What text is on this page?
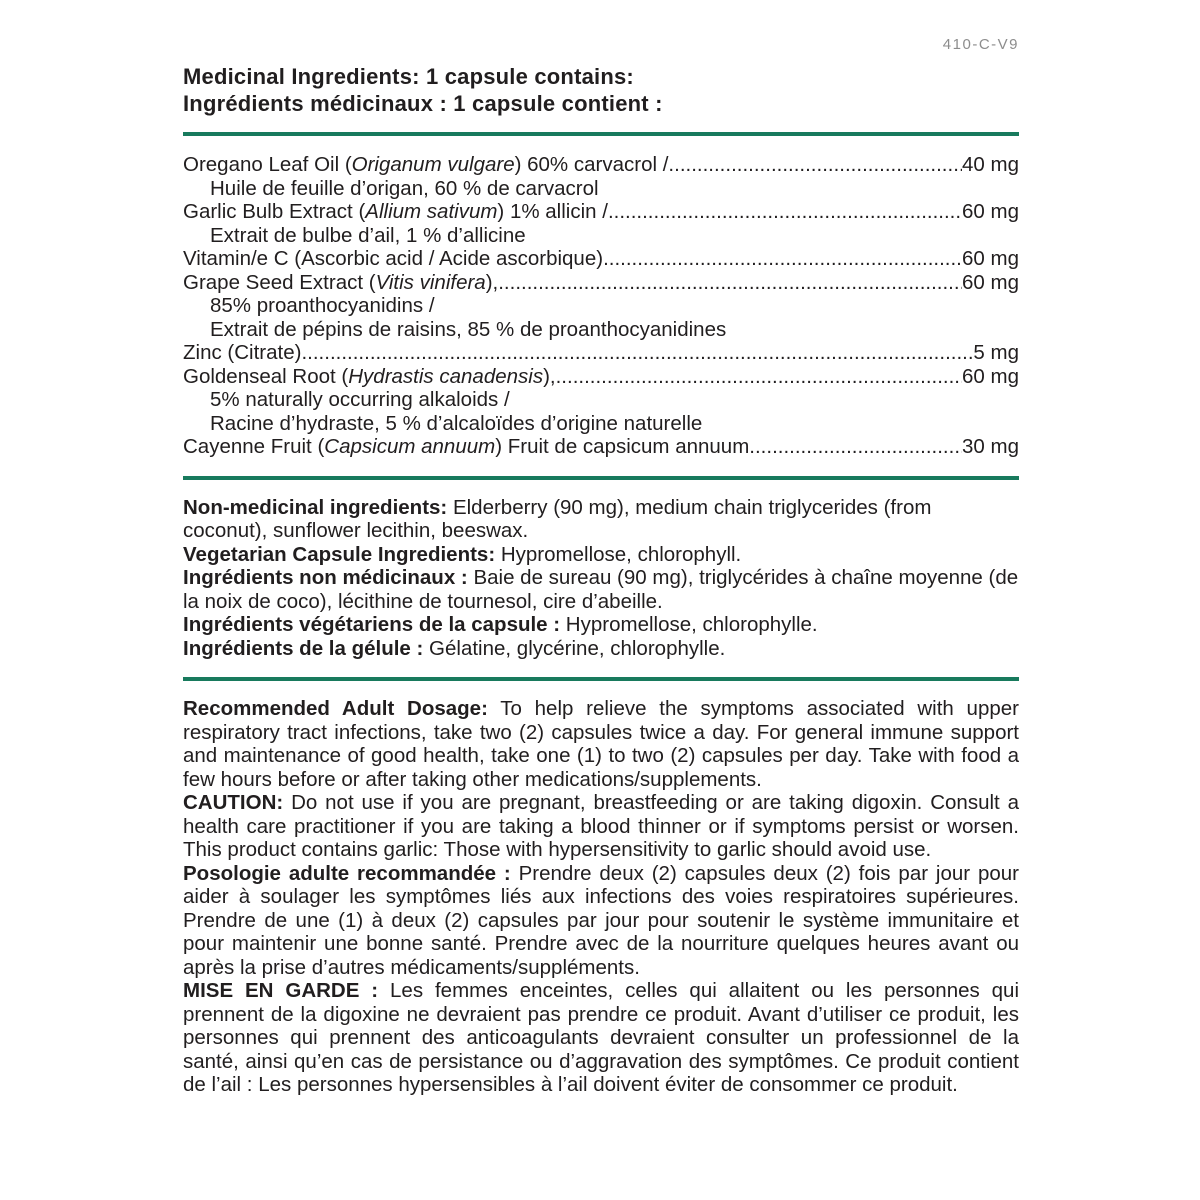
410-C-V9
Medicinal Ingredients: 1 capsule contains:
Ingrédients médicinaux : 1 capsule contient :
Oregano Leaf Oil (Origanum vulgare) 60% carvacrol / .....	40 mg
Huile de feuille d’origan, 60 % de carvacrol
Garlic Bulb Extract (Allium sativum) 1% allicin / .....	60 mg
Extrait de bulbe d’ail, 1 % d’allicine
Vitamin/e C (Ascorbic acid / Acide ascorbique) .....	60 mg
Grape Seed Extract (Vitis vinifera), .....	60 mg
85% proanthocyanidins /
Extrait de pépins de raisins, 85 % de proanthocyanidines
Zinc (Citrate) .....	5 mg
Goldenseal Root (Hydrastis canadensis), .....	60 mg
5% naturally occurring alkaloids /
Racine d’hydraste, 5 % d’alcaloïdes d’origine naturelle
Cayenne Fruit (Capsicum annuum) Fruit de capsicum annuum .....	30 mg

Non-medicinal ingredients: Elderberry (90 mg), medium chain triglycerides (from coconut), sunflower lecithin, beeswax.

Vegetarian Capsule Ingredients: Hypromellose, chlorophyll.

Ingrédients non médicinaux : Baie de sureau (90 mg), triglycérides à chaîne moyenne (de la noix de coco), lécithine de tournesol, cire d’abeille.

Ingrédients végétariens de la capsule : Hypromellose, chlorophylle.

Ingrédients de la gélule : Gélatine, glycérine, chlorophylle.

Recommended Adult Dosage: To help relieve the symptoms associated with upper respiratory tract infections, take two (2) capsules twice a day. For general immune support and maintenance of good health, take one (1) to two (2) capsules per day. Take with food a few hours before or after taking other medications/supplements.

CAUTION: Do not use if you are pregnant, breastfeeding or are taking digoxin. Consult a health care practitioner if you are taking a blood thinner or if symptoms persist or worsen. This product contains garlic: Those with hypersensitivity to garlic should avoid use.

Posologie adulte recommandée : Prendre deux (2) capsules deux (2) fois par jour pour aider à soulager les symptômes liés aux infections des voies respiratoires supérieures. Prendre de une (1) à deux (2) capsules par jour pour soutenir le système immunitaire et pour maintenir une bonne santé. Prendre avec de la nourriture quelques heures avant ou après la prise d’autres médicaments/suppléments.

MISE EN GARDE : Les femmes enceintes, celles qui allaitent ou les personnes qui prennent de la digoxine ne devraient pas prendre ce produit. Avant d’utiliser ce produit, les personnes qui prennent des anticoagulants devraient consulter un professionnel de la santé, ainsi qu’en cas de persistance ou d’aggravation des symptômes. Ce produit contient de l’ail : Les personnes hypersensibles à l’ail doivent éviter de consommer ce produit.
